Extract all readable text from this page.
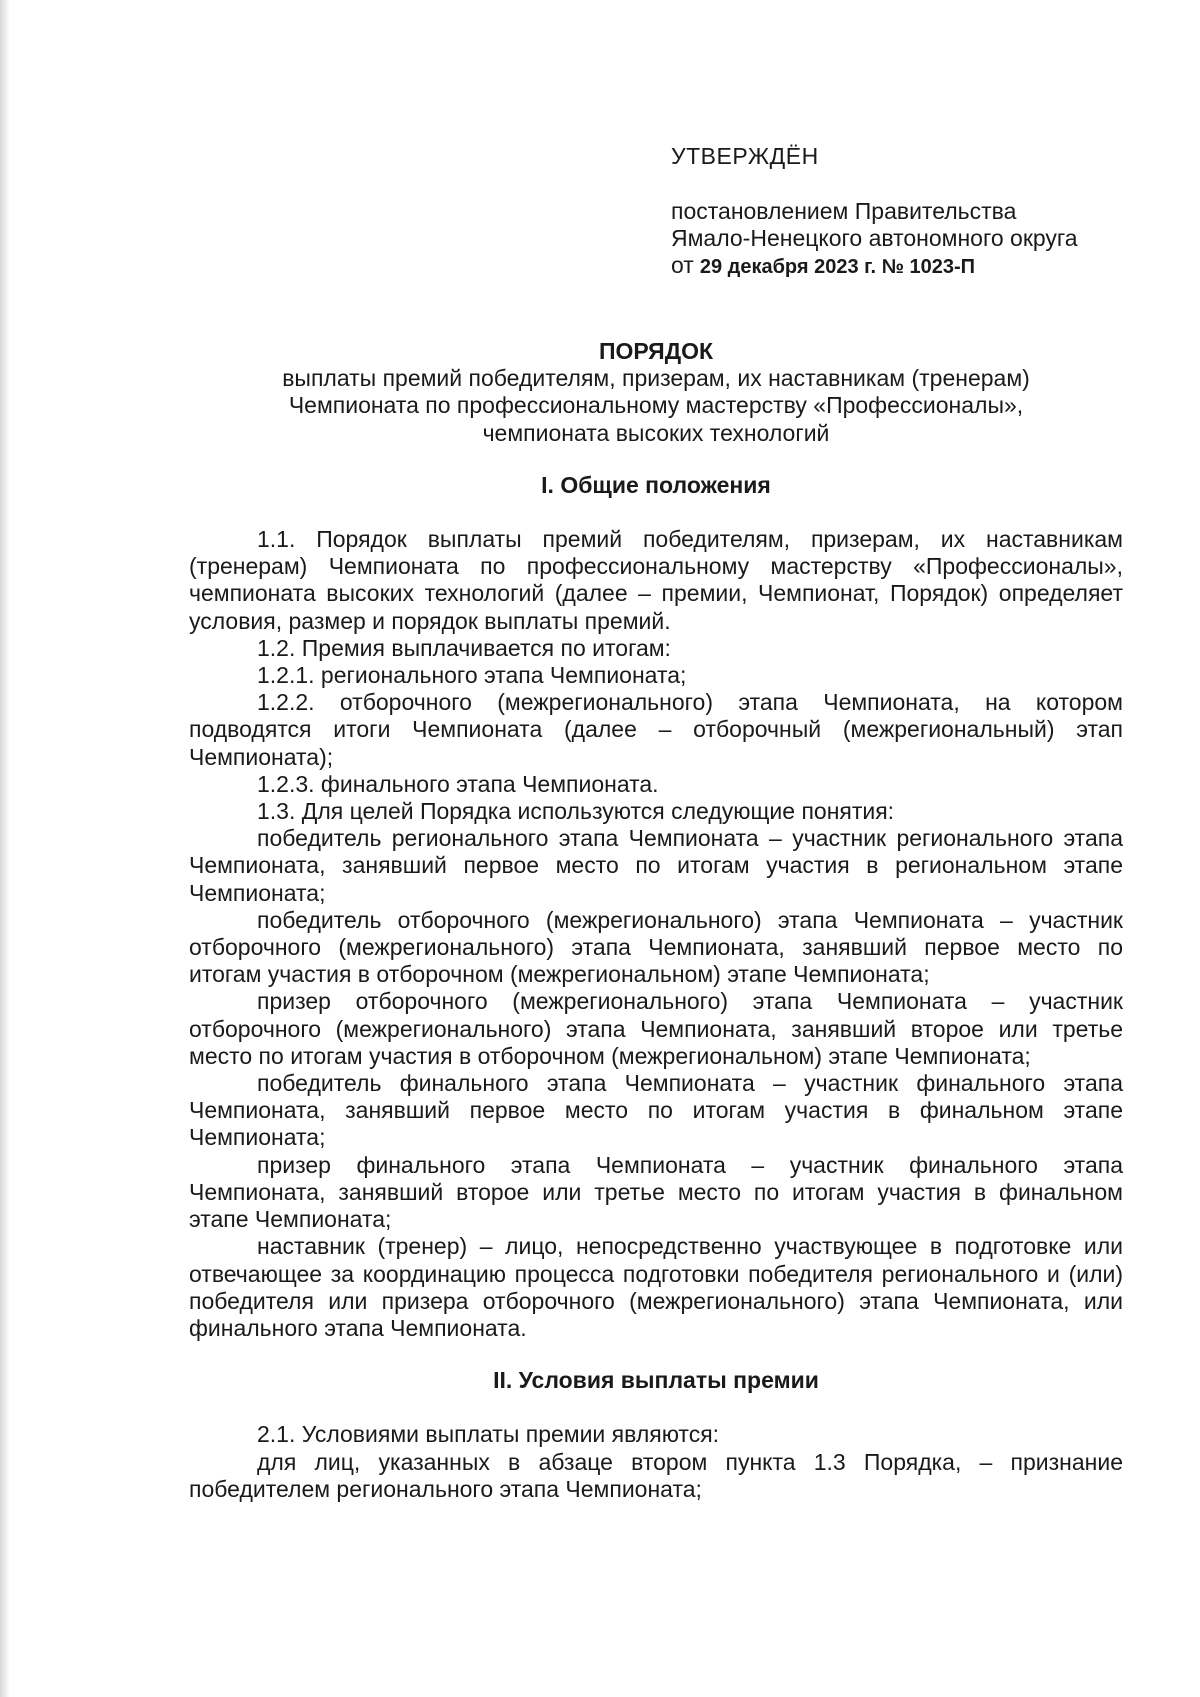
УТВЕРЖДЁН

постановлением Правительства

Ямало-Ненецкого автономного округа

от 29 декабря 2023 г. № 1023-П

ПОРЯДОК

выплаты премий победителям, призерам, их наставникам (тренерам)

Чемпионата по профессиональному мастерству «Профессионалы»,

чемпионата высоких технологий

I. Общие положения

1.1. Порядок выплаты премий победителям, призерам, их наставникам (тренерам) Чемпионата по профессиональному мастерству «Профессионалы», чемпионата высоких технологий (далее – премии, Чемпионат, Порядок) определяет условия, размер и порядок выплаты премий.

1.2. Премия выплачивается по итогам:

1.2.1. регионального этапа Чемпионата;

1.2.2. отборочного (межрегионального) этапа Чемпионата, на котором подводятся итоги Чемпионата (далее – отборочный (межрегиональный) этап Чемпионата);

1.2.3. финального этапа Чемпионата.

1.3. Для целей Порядка используются следующие понятия:

победитель регионального этапа Чемпионата – участник регионального этапа Чемпионата, занявший первое место по итогам участия в региональном этапе Чемпионата;

победитель отборочного (межрегионального) этапа Чемпионата – участник отборочного (межрегионального) этапа Чемпионата, занявший первое место по итогам участия в отборочном (межрегиональном) этапе Чемпионата;

призер отборочного (межрегионального) этапа Чемпионата – участник отборочного (межрегионального) этапа Чемпионата, занявший второе или третье место по итогам участия в отборочном (межрегиональном) этапе Чемпионата;

победитель финального этапа Чемпионата – участник финального этапа Чемпионата, занявший первое место по итогам участия в финальном этапе Чемпионата;

призер финального этапа Чемпионата – участник финального этапа Чемпионата, занявший второе или третье место по итогам участия в финальном этапе Чемпионата;

наставник (тренер) – лицо, непосредственно участвующее в подготовке или отвечающее за координацию процесса подготовки победителя регионального и (или) победителя или призера отборочного (межрегионального) этапа Чемпионата, или финального этапа Чемпионата.

II. Условия выплаты премии

2.1. Условиями выплаты премии являются:

для лиц, указанных в абзаце втором пункта 1.3 Порядка, – признание победителем регионального этапа Чемпионата;
